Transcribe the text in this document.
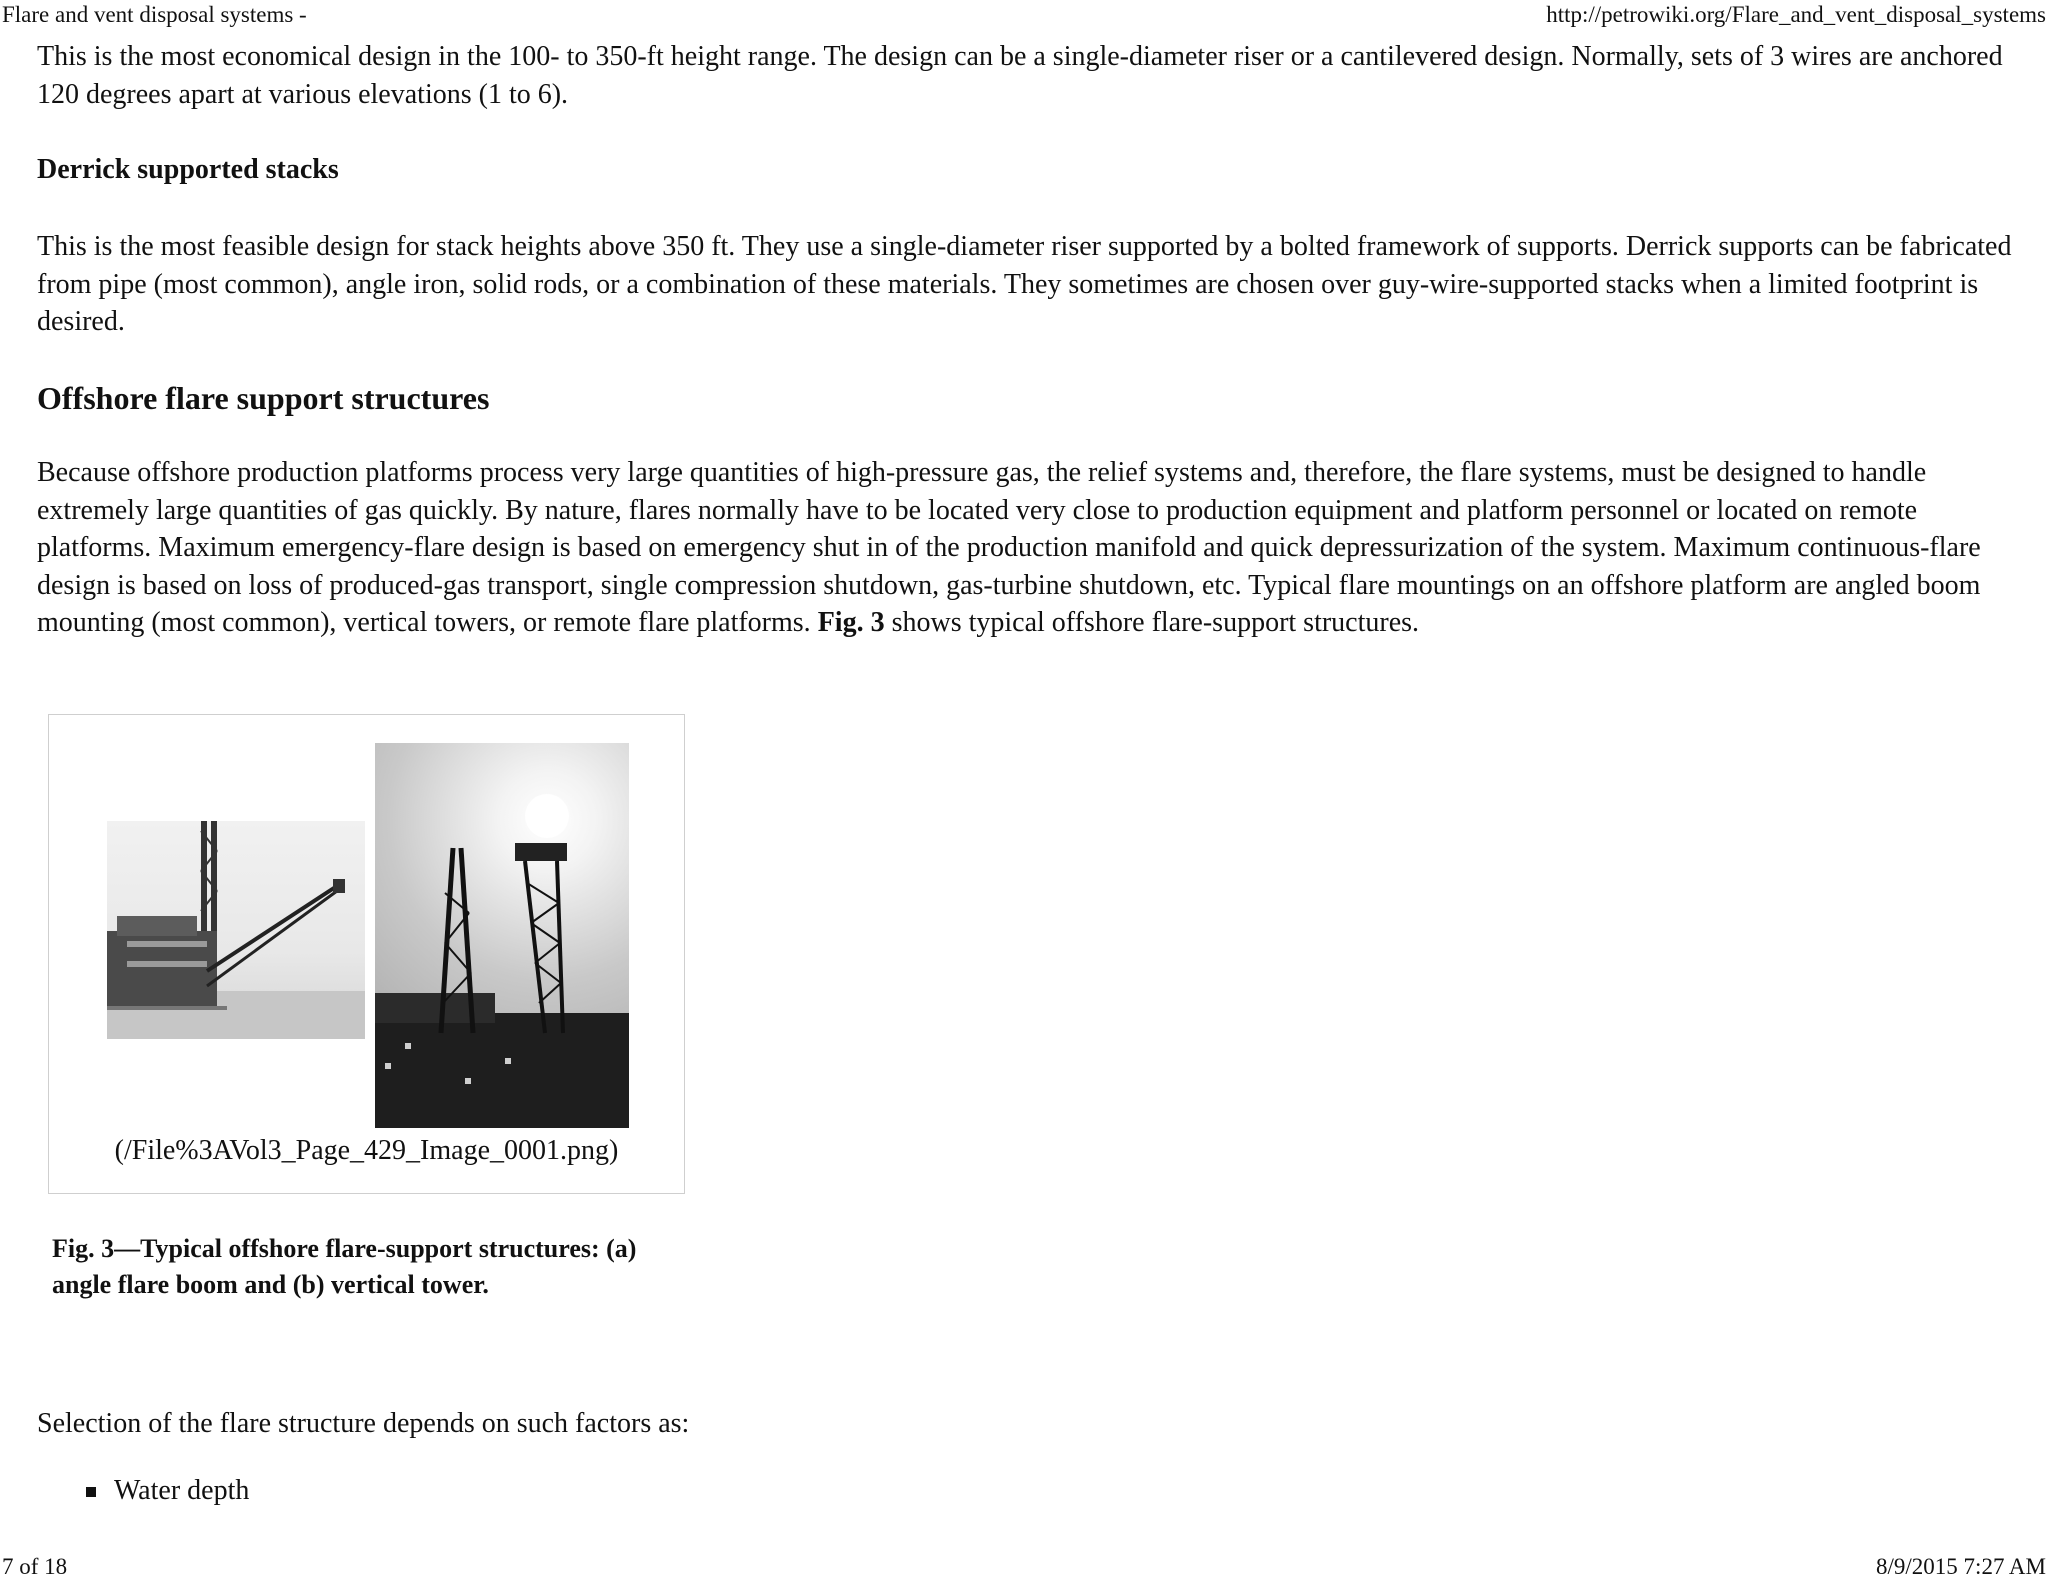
Flare and vent disposal systems -	http://petrowiki.org/Flare_and_vent_disposal_systems

This is the most economical design in the 100- to 350-ft height range. The design can be a single-diameter riser or a cantilevered design. Normally, sets of 3 wires are anchored 120 degrees apart at various elevations (1 to 6).

Derrick supported stacks

This is the most feasible design for stack heights above 350 ft. They use a single-diameter riser supported by a bolted framework of supports. Derrick supports can be fabricated from pipe (most common), angle iron, solid rods, or a combination of these materials. They sometimes are chosen over guy-wire-supported stacks when a limited footprint is desired.

Offshore flare support structures

Because offshore production platforms process very large quantities of high-pressure gas, the relief systems and, therefore, the flare systems, must be designed to handle extremely large quantities of gas quickly. By nature, flares normally have to be located very close to production equipment and platform personnel or located on remote platforms. Maximum emergency-flare design is based on emergency shut in of the production manifold and quick depressurization of the system. Maximum continuous-flare design is based on loss of produced-gas transport, single compression shutdown, gas-turbine shutdown, etc. Typical flare mountings on an offshore platform are angled boom mounting (most common), vertical towers, or remote flare platforms. Fig. 3 shows typical offshore flare-support structures.

(/File%3AVol3_Page_429_Image_0001.png)

Fig. 3—Typical offshore flare-support structures: (a) angle flare boom and (b) vertical tower.

Selection of the flare structure depends on such factors as:

Water depth
7 of 18	8/9/2015 7:27 AM
